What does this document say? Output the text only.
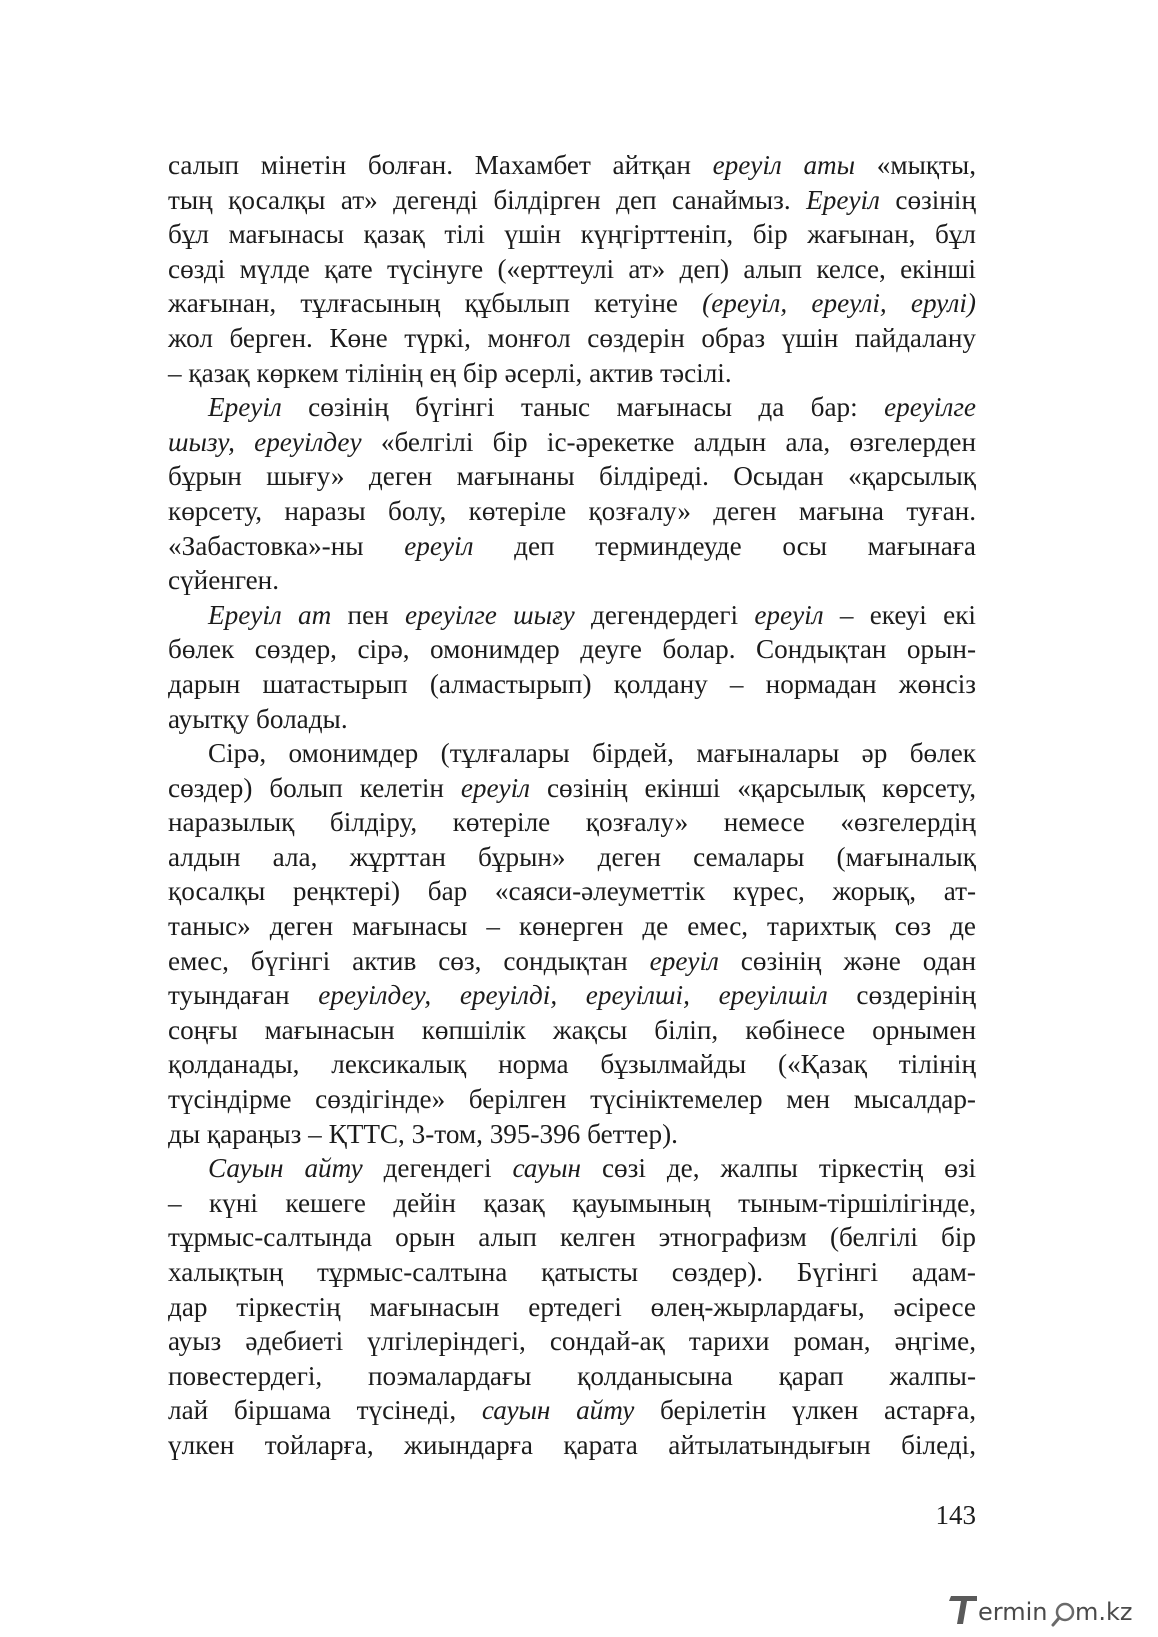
салып мінетін болған. Махамбет айтқан ереуіл аты «мықты,
тың қосалқы ат» дегенді білдірген деп санаймыз. Ереуіл сөзінің
бұл мағынасы қазақ тілі үшін күңгірттеніп, бір жағынан, бұл
сөзді мүлде қате түсінуге («ерттеулі ат» деп) алып келсе, екінші
жағынан, тұлғасының құбылып кетуіне (ереуіл, ереулі, ерулі)
жол берген. Көне түркі, монғол сөздерін образ үшін пайдалану
– қазақ көркем тілінің ең бір әсерлі, актив тәсілі.
Ереуіл сөзінің бүгінгі таныс мағынасы да бар: ереуілге
шызу, ереуілдеу «белгілі бір іс-әрекетке алдын ала, өзгелерден
бұрын шығу» деген мағынаны білдіреді. Осыдан «қарсылық
көрсету, наразы болу, көтеріле қозғалу» деген мағына туған.
«Забастовка»-ны ереуіл деп терминдеуде осы мағынаға
сүйенген.
Ереуіл ат пен ереуілге шығу дегендердегі ереуіл – екеуі екі
бөлек сөздер, сірә, омонимдер деуге болар. Сондықтан орын-
дарын шатастырып (алмастырып) қолдану – нормадан жөнсіз
ауытқу болады.
Сірә, омонимдер (тұлғалары бірдей, мағыналары әр бөлек
сөздер) болып келетін ереуіл сөзінің екінші «қарсылық көрсету,
наразылық білдіру, көтеріле қозғалу» немесе «өзгелердің
алдын ала, жұрттан бұрын» деген семалары (мағыналық
қосалқы реңктері) бар «саяси-әлеуметтік күрес, жорық, ат-
таныс» деген мағынасы – көнерген де емес, тарихтық сөз де
емес, бүгінгі актив сөз, сондықтан ереуіл сөзінің және одан
туындаған ереуілдеу, ереуілді, ереуілші, ереуілшіл сөздерінің
соңғы мағынасын көпшілік жақсы біліп, көбінесе орнымен
қолданады, лексикалық норма бұзылмайды («Қазақ тілінің
түсіндірме сөздігінде» берілген түсініктемелер мен мысалдар-
ды қараңыз – ҚТТС, 3-том, 395-396 беттер).
Сауын айту дегендегі сауын сөзі де, жалпы тіркестің өзі
– күні кешеге дейін қазақ қауымының тыным-тіршілігінде,
тұрмыс-салтында орын алып келген этнографизм (белгілі бір
халықтың тұрмыс-салтына қатысты сөздер). Бүгінгі адам-
дар тіркестің мағынасын ертедегі өлең-жырлардағы, әсіресе
ауыз әдебиеті үлгілеріндегі, сондай-ақ тарихи роман, әңгіме,
повестердегі, поэмалардағы қолданысына қарап жалпы-
лай біршама түсінеді, сауын айту берілетін үлкен астарға,
үлкен тойларға, жиындарға қарата айтылатындығын біледі,
143
ermin m.kz
